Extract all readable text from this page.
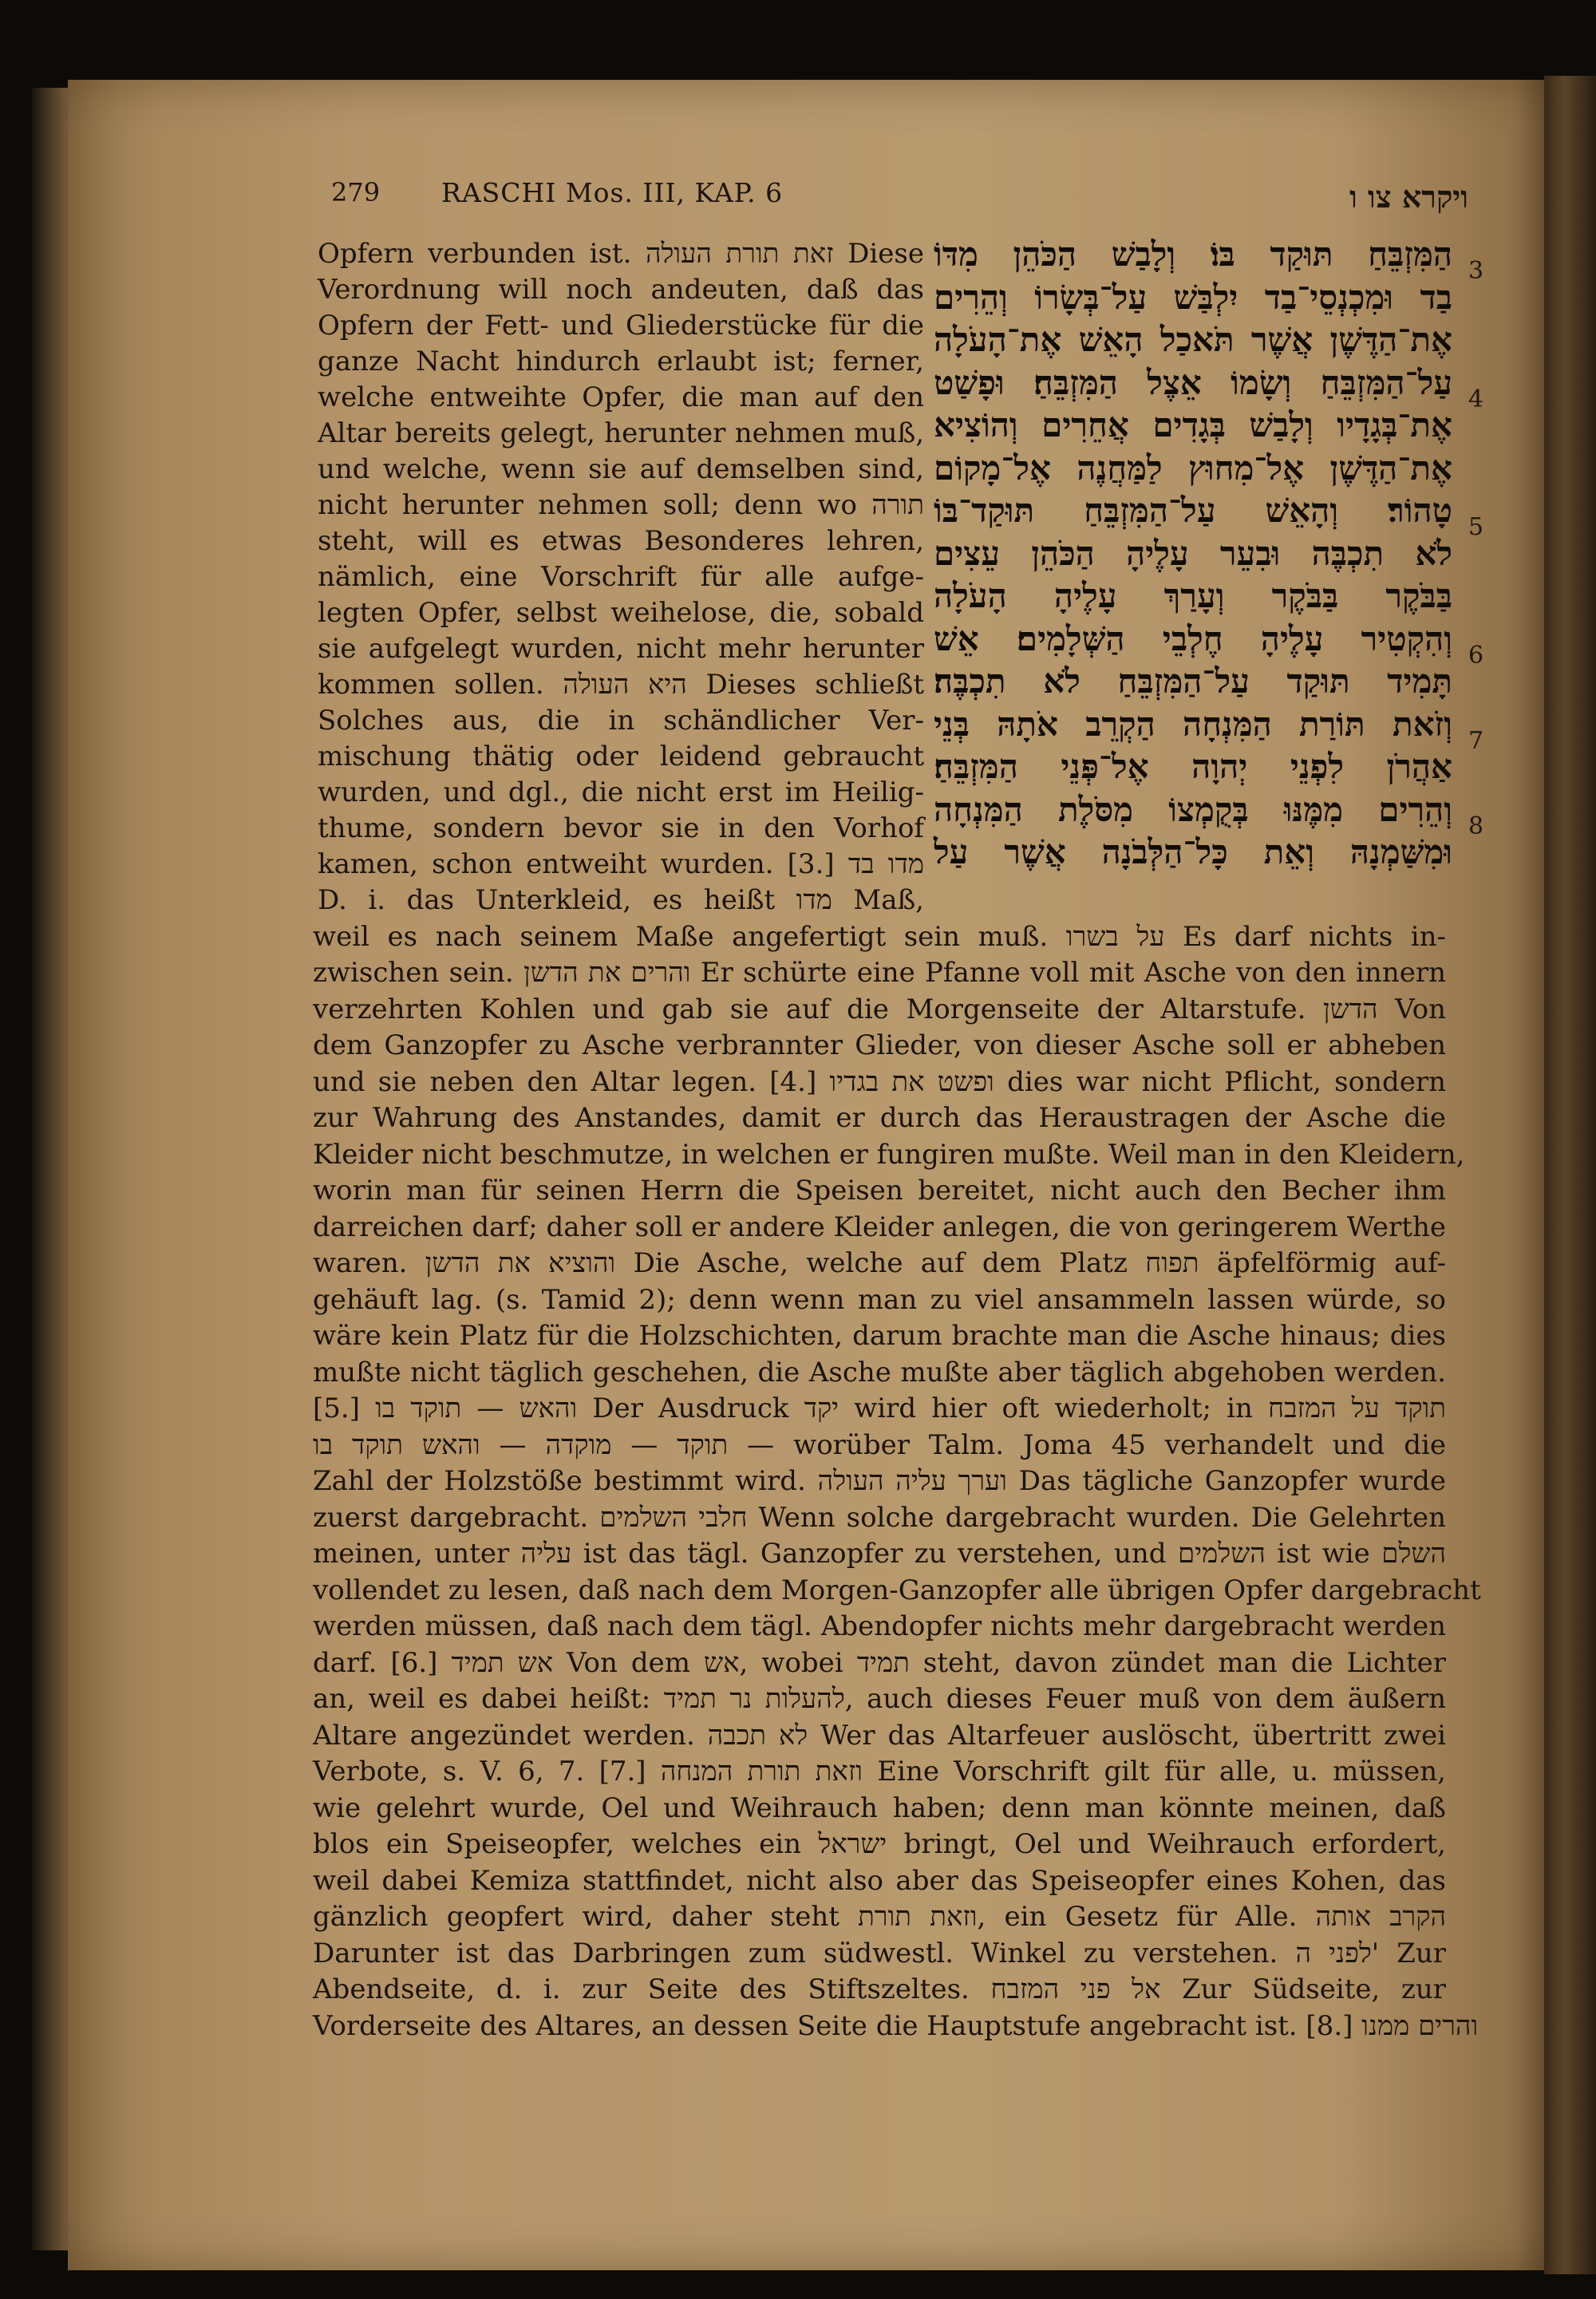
279 RASCHI Mos. III, KAP. 6	ויקרא צו ו
הַמִּזְבֵּחַ תּוּקַד בּוֹ׃ וְלָבַשׁ הַכֹּהֵן מִדּוֹ
בַד וּמִכְנְסֵי־בַד יִלְבַּשׁ עַל־בְּשָׂרוֹ וְהֵרִים
אֶת־הַדֶּשֶׁן אֲשֶׁר תֹּאכַל הָאֵשׁ אֶת־הָעֹלָה
עַל־הַמִּזְבֵּחַ וְשָׂמוֹ אֵצֶל הַמִּזְבֵּחַ׃ וּפָשַׁט
אֶת־בְּגָדָיו וְלָבַשׁ בְּגָדִים אֲחֵרִים וְהוֹצִיא
אֶת־הַדֶּשֶׁן אֶל־מִחוּץ לַמַּחֲנֶה אֶל־מָקוֹם
טָהוֹר׃ וְהָאֵשׁ עַל־הַמִּזְבֵּחַ תּוּקַד־בּוֹ
לֹא תִכְבֶּה וּבִעֵר עָלֶיהָ הַכֹּהֵן עֵצִים
בַּבֹּקֶר בַּבֹּקֶר וְעָרַךְ עָלֶיהָ הָעֹלָה
וְהִקְטִיר עָלֶיהָ חֶלְבֵי הַשְּׁלָמִים׃ אֵשׁ
תָּמִיד תּוּקַד עַל־הַמִּזְבֵּחַ לֹא תִכְבֶּה׃
וְזֹאת תּוֹרַת הַמִּנְחָה הַקְרֵב אֹתָהּ בְּנֵי
אַהֲרֹן לִפְנֵי יְהוָה אֶל־פְּנֵי הַמִּזְבֵּחַ׃
וְהֵרִים מִמֶּנּוּ בְּקֻמְצוֹ מִסֹּלֶת הַמִּנְחָה
וּמִשַּׁמְנָהּ וְאֵת כָּל־הַלְּבֹנָה אֲשֶׁר עַל
3
4
5
6
7
8
Opfern verbunden ist. זאת תורת העולה Diese
Verordnung will noch andeuten, daß das
Opfern der Fett- und Gliederstücke für die
ganze Nacht hindurch erlaubt ist; ferner,
welche entweihte Opfer, die man auf den
Altar bereits gelegt, herunter nehmen muß,
und welche, wenn sie auf demselben sind,
nicht herunter nehmen soll; denn wo תורה
steht, will es etwas Besonderes lehren,
nämlich, eine Vorschrift für alle aufge-
legten Opfer, selbst weihelose, die, sobald
sie aufgelegt wurden, nicht mehr herunter
kommen sollen. היא העולה Dieses schließt
Solches aus, die in schändlicher Ver-
mischung thätig oder leidend gebraucht
wurden, und dgl., die nicht erst im Heilig-
thume, sondern bevor sie in den Vorhof
kamen, schon entweiht wurden. [3.] מדו בד
D. i. das Unterkleid, es heißt מדו Maß,
weil es nach seinem Maße angefertigt sein muß. על בשרו Es darf nichts in-
zwischen sein. והרים את הדשן Er schürte eine Pfanne voll mit Asche von den innern
verzehrten Kohlen und gab sie auf die Morgenseite der Altarstufe. הדשן Von
dem Ganzopfer zu Asche verbrannter Glieder, von dieser Asche soll er abheben
und sie neben den Altar legen. [4.] ופשט את בגדיו dies war nicht Pflicht, sondern
zur Wahrung des Anstandes, damit er durch das Heraustragen der Asche die
Kleider nicht beschmutze, in welchen er fungiren mußte. Weil man in den Kleidern,
worin man für seinen Herrn die Speisen bereitet, nicht auch den Becher ihm
darreichen darf; daher soll er andere Kleider anlegen, die von geringerem Werthe
waren. והוציא את הדשן Die Asche, welche auf dem Platz תפוח äpfelförmig auf-
gehäuft lag. (s. Tamid 2); denn wenn man zu viel ansammeln lassen würde, so
wäre kein Platz für die Holzschichten, darum brachte man die Asche hinaus; dies
mußte nicht täglich geschehen, die Asche mußte aber täglich abgehoben werden.
[5.] והאש — תוקד בו Der Ausdruck יקד wird hier oft wiederholt; in תוקד על המזבח
תוקד — מוקדה — והאש תוקד בו — worüber Talm. Joma 45 verhandelt und die
Zahl der Holzstöße bestimmt wird. וערך עליה העולה Das tägliche Ganzopfer wurde
zuerst dargebracht. חלבי השלמים Wenn solche dargebracht wurden. Die Gelehrten
meinen, unter עליה ist das tägl. Ganzopfer zu verstehen, und השלמים ist wie השלם
vollendet zu lesen, daß nach dem Morgen-Ganzopfer alle übrigen Opfer dargebracht
werden müssen, daß nach dem tägl. Abendopfer nichts mehr dargebracht werden
darf. [6.] אש תמיד Von dem אש, wobei תמיד steht, davon zündet man die Lichter
an, weil es dabei heißt: להעלות נר תמיד, auch dieses Feuer muß von dem äußern
Altare angezündet werden. לא תכבה Wer das Altarfeuer auslöscht, übertritt zwei
Verbote, s. V. 6, 7. [7.] וזאת תורת המנחה Eine Vorschrift gilt für alle, u. müssen,
wie gelehrt wurde, Oel und Weihrauch haben; denn man könnte meinen, daß
blos ein Speiseopfer, welches ein ישראל bringt, Oel und Weihrauch erfordert,
weil dabei Kemiza stattfindet, nicht also aber das Speiseopfer eines Kohen, das
gänzlich geopfert wird, daher steht וזאת תורת, ein Gesetz für Alle. הקרב אותה
Darunter ist das Darbringen zum südwestl. Winkel zu verstehen. לפני ה' Zur
Abendseite, d. i. zur Seite des Stiftszeltes. אל פני המזבח Zur Südseite, zur
Vorderseite des Altares, an dessen Seite die Hauptstufe angebracht ist. [8.] והרים ממנו
